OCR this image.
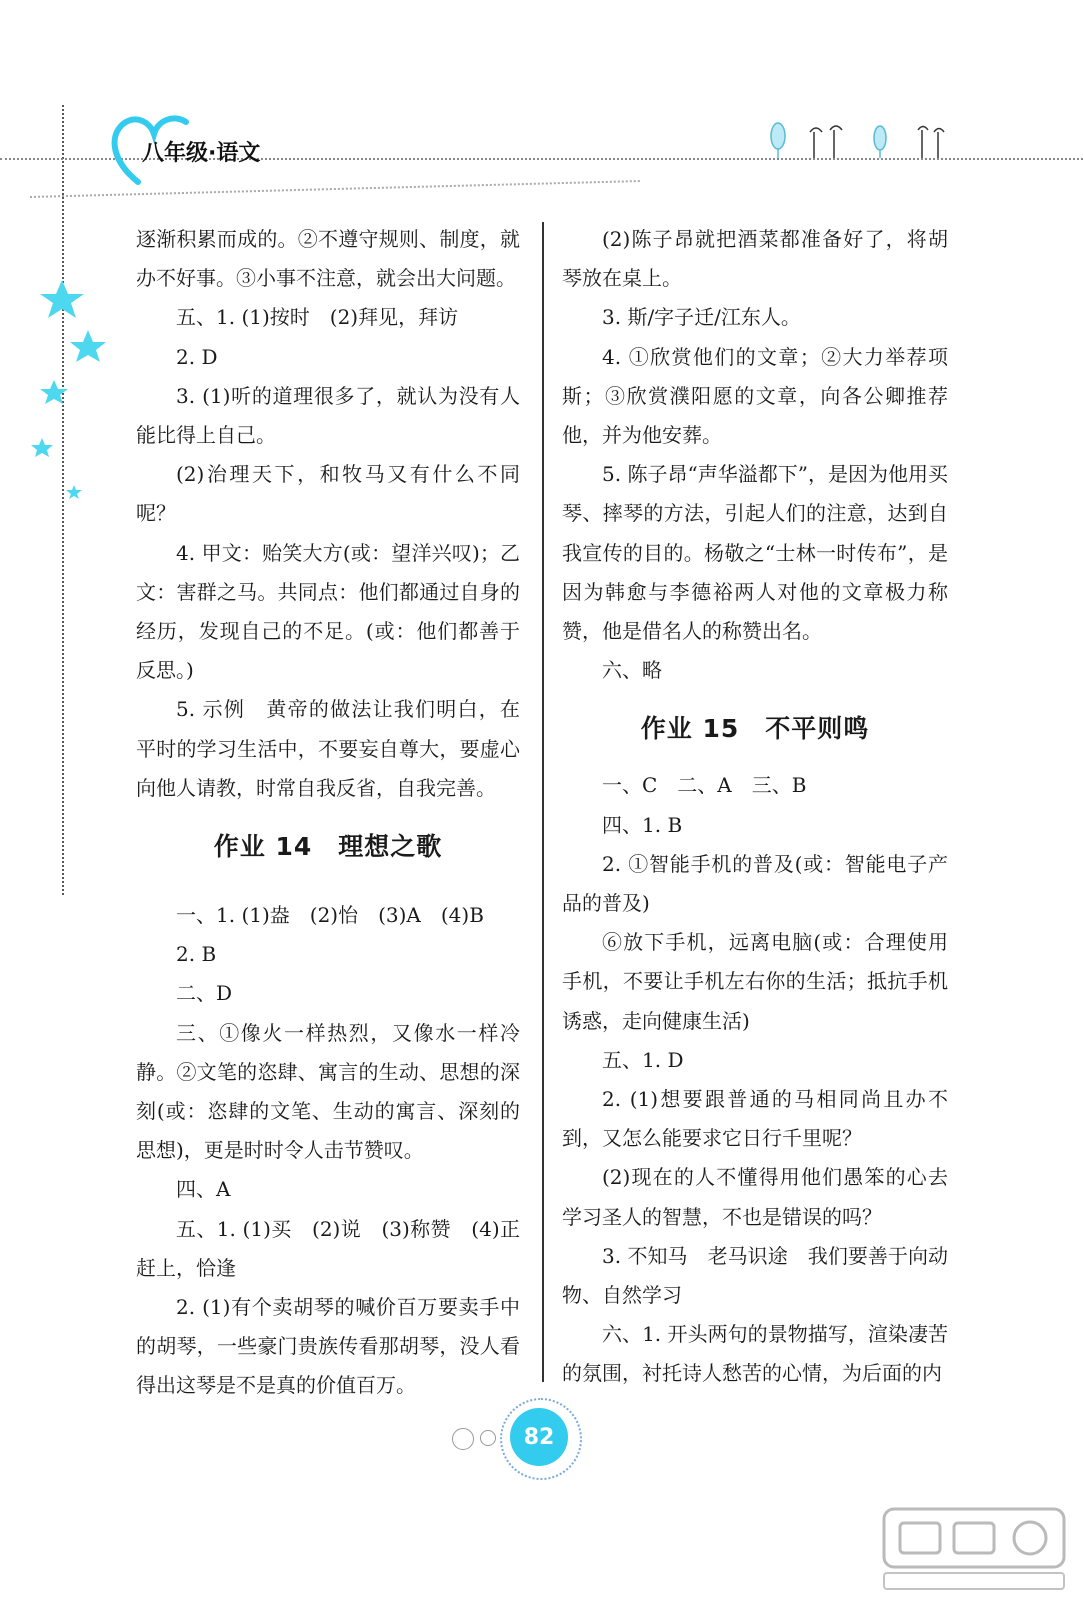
八年级·语文

逐渐积累而成的。②不遵守规则、制度，就办不好事。③小事不注意，就会出大问题。

五、1. (1)按时　(2)拜见，拜访

2. D

3. (1)听的道理很多了，就认为没有人能比得上自己。

(2)治理天下，和牧马又有什么不同呢？

4. 甲文：贻笑大方(或：望洋兴叹)；乙文：害群之马。共同点：他们都通过自身的经历，发现自己的不足。(或：他们都善于反思。)

5. 示例　黄帝的做法让我们明白，在平时的学习生活中，不要妄自尊大，要虚心向他人请教，时常自我反省，自我完善。

作业 14　理想之歌

一、1. (1)盎　(2)怡　(3)A　(4)B

2. B

二、D

三、①像火一样热烈，又像水一样冷静。②文笔的恣肆、寓言的生动、思想的深刻(或：恣肆的文笔、生动的寓言、深刻的思想)，更是时时令人击节赞叹。

四、A

五、1. (1)买　(2)说　(3)称赞　(4)正赶上，恰逢

2. (1)有个卖胡琴的喊价百万要卖手中的胡琴，一些豪门贵族传看那胡琴，没人看得出这琴是不是真的价值百万。

(2)陈子昂就把酒菜都准备好了，将胡琴放在桌上。

3. 斯/字子迁/江东人。

4. ①欣赏他们的文章；②大力举荐项斯；③欣赏濮阳愿的文章，向各公卿推荐他，并为他安葬。

5. 陈子昂“声华溢都下”，是因为他用买琴、摔琴的方法，引起人们的注意，达到自我宣传的目的。杨敬之“士林一时传布”，是因为韩愈与李德裕两人对他的文章极力称赞，他是借名人的称赞出名。

六、略

作业 15　不平则鸣

一、C　二、A　三、B

四、1. B

2. ①智能手机的普及(或：智能电子产品的普及)

⑥放下手机，远离电脑(或：合理使用手机，不要让手机左右你的生活；抵抗手机诱惑，走向健康生活)

五、1. D

2. (1)想要跟普通的马相同尚且办不到，又怎么能要求它日行千里呢？

(2)现在的人不懂得用他们愚笨的心去学习圣人的智慧，不也是错误的吗？

3. 不知马　老马识途　我们要善于向动物、自然学习

六、1. 开头两句的景物描写，渲染凄苦的氛围，衬托诗人愁苦的心情，为后面的内

82
